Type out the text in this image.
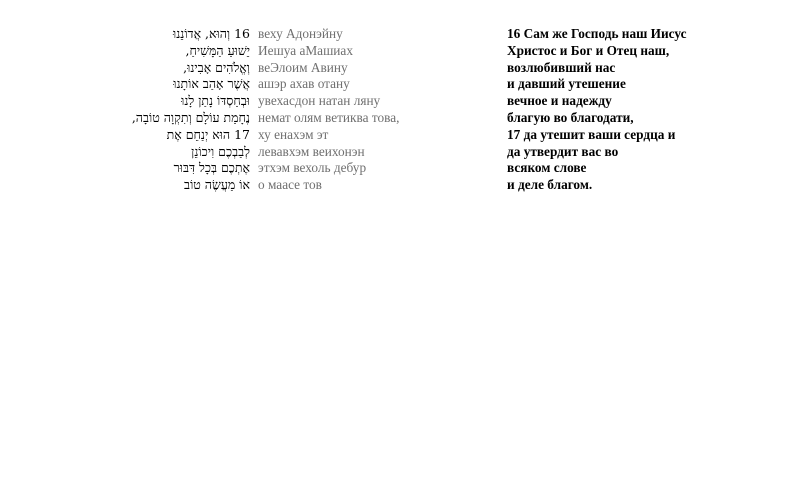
16 וְהוּא, אֲדוֹנֵנוּ
יֵשׁוּעַ הַמָּשִׁיחַ,
וְאֱלֹהִים אָבִינוּ,
אֲשֶׁר אָהַב אוֹתָנוּ
וּבְחַסְדּוֹ נָתַן לָנוּ
נֶחָמַת עוֹלָם וְתִקְוָה טוֹבָה,
17 הוּא יְנַחֵם אֶת
לְבַבְכֶם וִיכוֹנֵן
אֶתְכֶם בְּכָל דִּבּוּר
אוֹ מַעֲשֶׂה טוֹב
веху Адонэйну
Иешуа аМашиах
веЭлоим Авину
ашэр ахав отану
увехасдон натан ляну
немат олям ветиква това,
ху енахэм эт
левавхэм веихонэн
этхэм вехоль дебур
о маасе тов
16 Сам же Господь наш Иисус
Христос и Бог и Отец наш,
возлюбивший нас
и давший утешение
вечное и надежду
благую во благодати,
17 да утешит ваши сердца и
да утвердит вас во
всяком слове
и деле благом.
